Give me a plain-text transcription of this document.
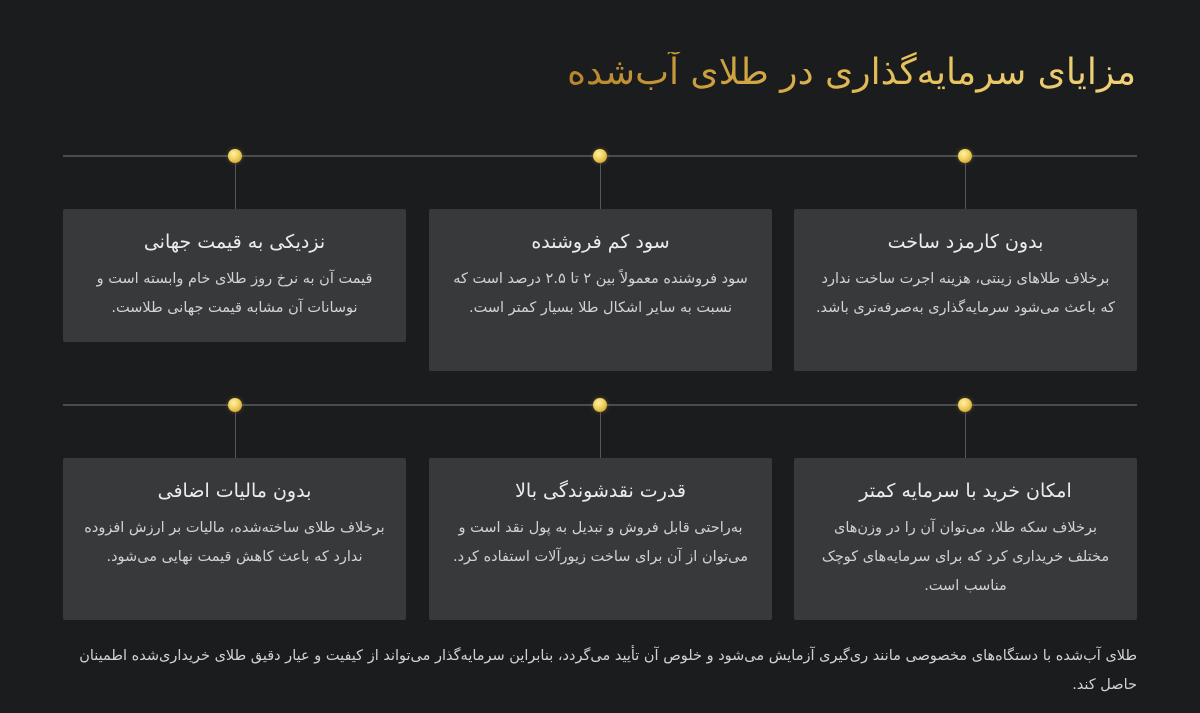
مزایای سرمایه‌گذاری در طلای آب‌شده
بدون کارمزد ساخت
برخلاف طلاهای زینتی، هزینه اجرت ساخت ندارد که باعث می‌شود سرمایه‌گذاری به‌صرفه‌تری باشد.
سود کم فروشنده
سود فروشنده معمولاً بین ۲ تا ۲.۵ درصد است که نسبت به سایر اشکال طلا بسیار کمتر است.
نزدیکی به قیمت جهانی
قیمت آن به نرخ روز طلای خام وابسته است و نوسانات آن مشابه قیمت جهانی طلاست.
امکان خرید با سرمایه کمتر
برخلاف سکه طلا، می‌توان آن را در وزن‌های مختلف خریداری کرد که برای سرمایه‌های کوچک مناسب است.
قدرت نقدشوندگی بالا
به‌راحتی قابل فروش و تبدیل به پول نقد است و می‌توان از آن برای ساخت زیورآلات استفاده کرد.
بدون مالیات اضافی
برخلاف طلای ساخته‌شده، مالیات بر ارزش افزوده ندارد که باعث کاهش قیمت نهایی می‌شود.

طلای آب‌شده با دستگاه‌های مخصوصی مانند ری‌گیری آزمایش می‌شود و خلوص آن تأیید می‌گردد، بنابراین سرمایه‌گذار می‌تواند از کیفیت و عیار دقیق طلای خریداری‌شده اطمینان حاصل کند.
